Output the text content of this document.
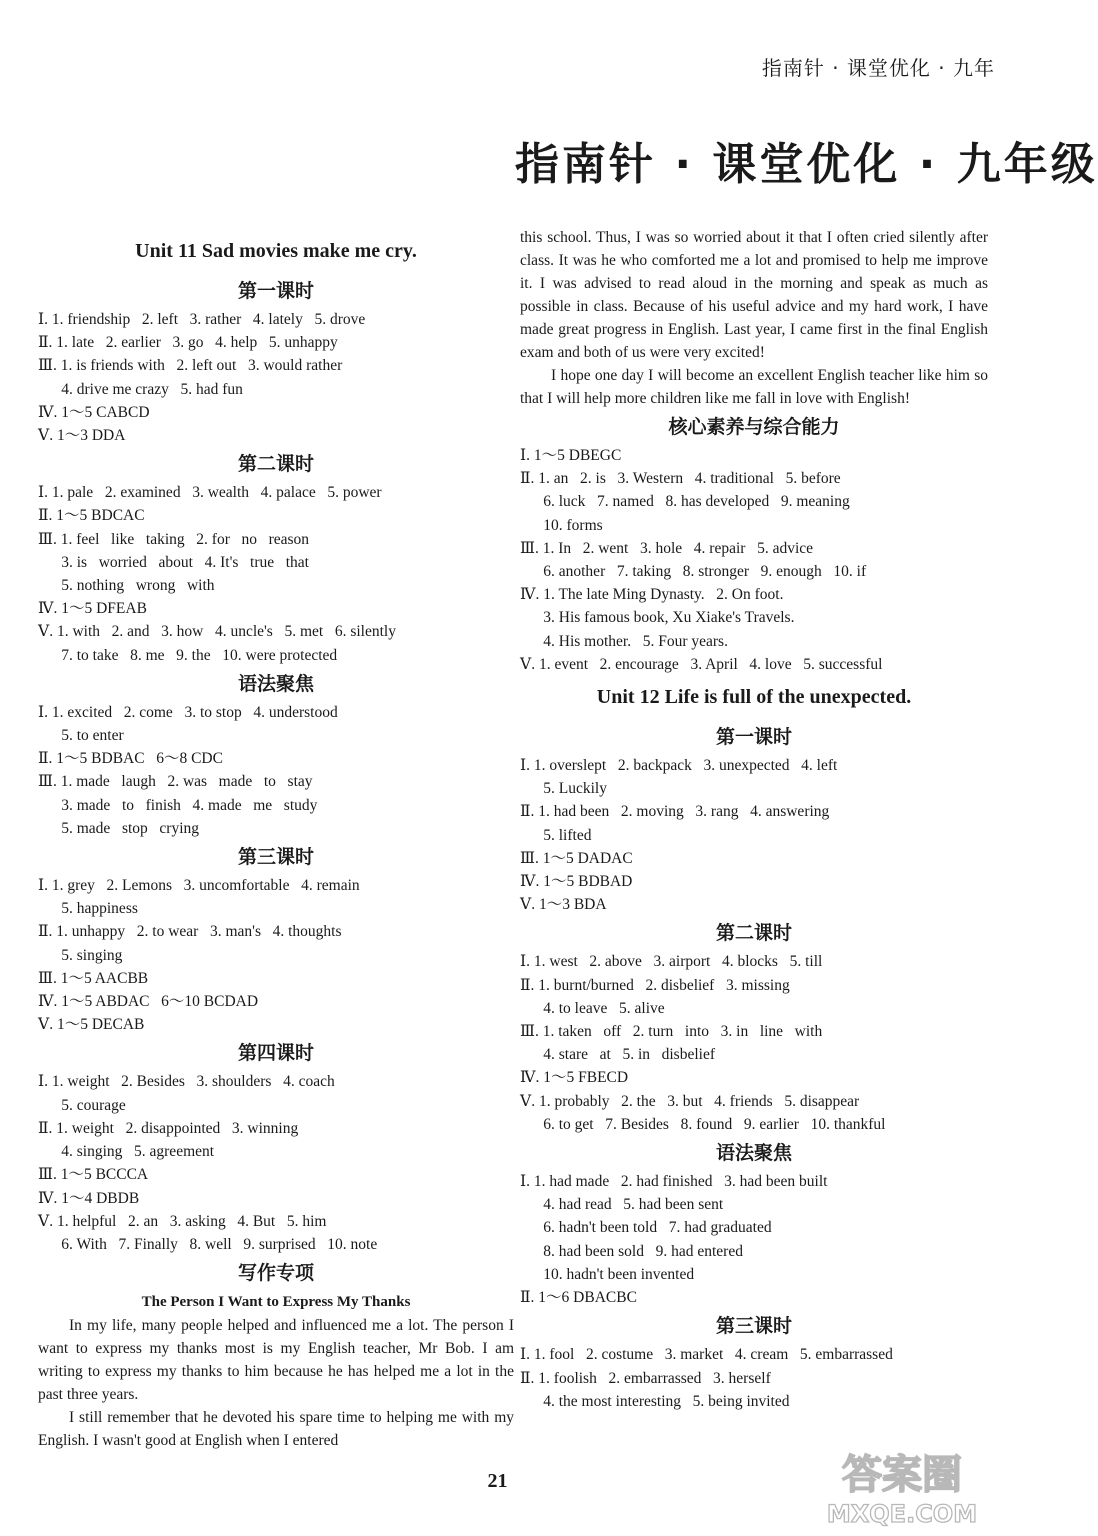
指南针 · 课堂优化 · 九年
指南针 · 课堂优化 · 九年级
Unit 11 Sad movies make me cry.
第一课时
Ⅰ. 1. friendship   2. left   3. rather   4. lately   5. drove
Ⅱ. 1. late   2. earlier   3. go   4. help   5. unhappy
Ⅲ. 1. is friends with   2. left out   3. would rather
4. drive me crazy   5. had fun
Ⅳ. 1～5 CABCD
Ⅴ. 1～3 DDA
第二课时
Ⅰ. 1. pale   2. examined   3. wealth   4. palace   5. power
Ⅱ. 1～5 BDCAC
Ⅲ. 1. feel   like   taking   2. for   no   reason
3. is   worried   about   4. It's   true   that
5. nothing   wrong   with
Ⅳ. 1～5 DFEAB
Ⅴ. 1. with   2. and   3. how   4. uncle's   5. met   6. silently
7. to take   8. me   9. the   10. were protected
语法聚焦
Ⅰ. 1. excited   2. come   3. to stop   4. understood
5. to enter
Ⅱ. 1～5 BDBAC   6～8 CDC
Ⅲ. 1. made   laugh   2. was   made   to   stay
3. made   to   finish   4. made   me   study
5. made   stop   crying
第三课时
Ⅰ. 1. grey   2. Lemons   3. uncomfortable   4. remain
5. happiness
Ⅱ. 1. unhappy   2. to wear   3. man's   4. thoughts
5. singing
Ⅲ. 1～5 AACBB
Ⅳ. 1～5 ABDAC   6～10 BCDAD
Ⅴ. 1～5 DECAB
第四课时
Ⅰ. 1. weight   2. Besides   3. shoulders   4. coach
5. courage
Ⅱ. 1. weight   2. disappointed   3. winning
4. singing   5. agreement
Ⅲ. 1～5 BCCCA
Ⅳ. 1～4 DBDB
Ⅴ. 1. helpful   2. an   3. asking   4. But   5. him
6. With   7. Finally   8. well   9. surprised   10. note
写作专项
The Person I Want to Express My Thanks
In my life, many people helped and influenced me a lot. The person I want to express my thanks most is my English teacher, Mr Bob. I am writing to express my thanks to him because he has helped me a lot in the past three years.
I still remember that he devoted his spare time to helping me with my English. I wasn't good at English when I entered
this school. Thus, I was so worried about it that I often cried silently after class. It was he who comforted me a lot and promised to help me improve it. I was advised to read aloud in the morning and speak as much as possible in class. Because of his useful advice and my hard work, I have made great progress in English. Last year, I came first in the final English exam and both of us were very excited!
I hope one day I will become an excellent English teacher like him so that I will help more children like me fall in love with English!
核心素养与综合能力
Ⅰ. 1～5 DBEGC
Ⅱ. 1. an   2. is   3. Western   4. traditional   5. before
6. luck   7. named   8. has developed   9. meaning
10. forms
Ⅲ. 1. In   2. went   3. hole   4. repair   5. advice
6. another   7. taking   8. stronger   9. enough   10. if
Ⅳ. 1. The late Ming Dynasty.   2. On foot.
3. His famous book, Xu Xiake's Travels.
4. His mother.   5. Four years.
Ⅴ. 1. event   2. encourage   3. April   4. love   5. successful
Unit 12 Life is full of the unexpected.
第一课时
Ⅰ. 1. overslept   2. backpack   3. unexpected   4. left
5. Luckily
Ⅱ. 1. had been   2. moving   3. rang   4. answering
5. lifted
Ⅲ. 1～5 DADAC
Ⅳ. 1～5 BDBAD
Ⅴ. 1～3 BDA
第二课时
Ⅰ. 1. west   2. above   3. airport   4. blocks   5. till
Ⅱ. 1. burnt/burned   2. disbelief   3. missing
4. to leave   5. alive
Ⅲ. 1. taken   off   2. turn   into   3. in   line   with
4. stare   at   5. in   disbelief
Ⅳ. 1～5 FBECD
Ⅴ. 1. probably   2. the   3. but   4. friends   5. disappear
6. to get   7. Besides   8. found   9. earlier   10. thankful
语法聚焦
Ⅰ. 1. had made   2. had finished   3. had been built
4. had read   5. had been sent
6. hadn't been told   7. had graduated
8. had been sold   9. had entered
10. hadn't been invented
Ⅱ. 1～6 DBACBC
第三课时
Ⅰ. 1. fool   2. costume   3. market   4. cream   5. embarrassed
Ⅱ. 1. foolish   2. embarrassed   3. herself
4. the most interesting   5. being invited
21	答案圈
MXQE.COM
